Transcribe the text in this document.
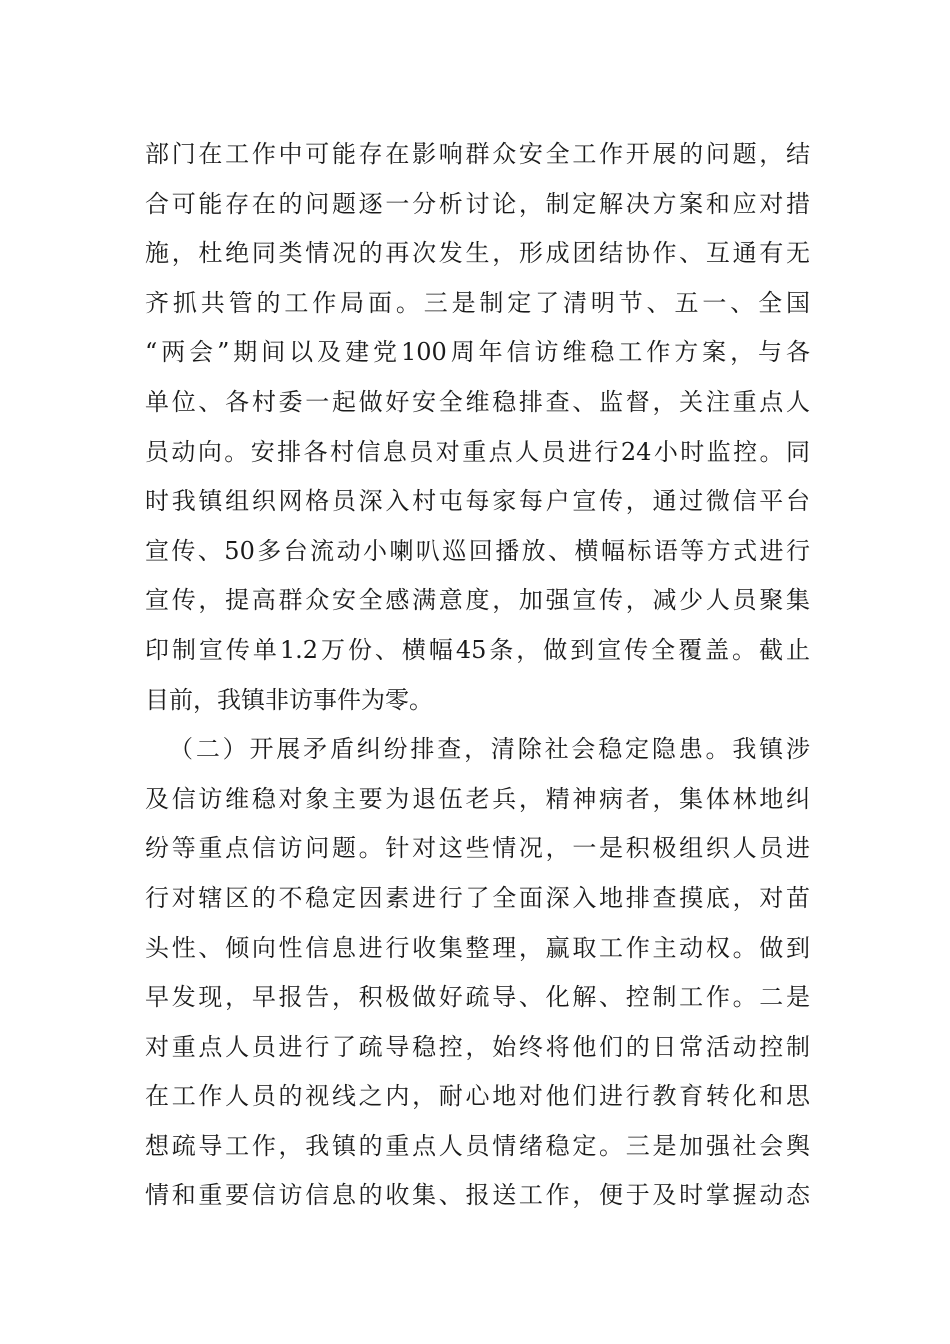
部门在工作中可能存在影响群众安全工作开展的问题，结
合可能存在的问题逐一分析讨论，制定解决方案和应对措
施，杜绝同类情况的再次发生，形成团结协作、互通有无
齐抓共管的工作局面。三是制定了清明节、五一、全国
“两会”期间以及建党100周年信访维稳工作方案，与各
单位、各村委一起做好安全维稳排查、监督，关注重点人
员动向。安排各村信息员对重点人员进行24小时监控。同
时我镇组织网格员深入村屯每家每户宣传，通过微信平台
宣传、50多台流动小喇叭巡回播放、横幅标语等方式进行
宣传，提高群众安全感满意度，加强宣传，减少人员聚集
印制宣传单1.2万份、横幅45条，做到宣传全覆盖。截止
目前，我镇非访事件为零。
（二）开展矛盾纠纷排查，清除社会稳定隐患。我镇涉
及信访维稳对象主要为退伍老兵，精神病者，集体林地纠
纷等重点信访问题。针对这些情况，一是积极组织人员进
行对辖区的不稳定因素进行了全面深入地排查摸底，对苗
头性、倾向性信息进行收集整理，赢取工作主动权。做到
早发现，早报告，积极做好疏导、化解、控制工作。二是
对重点人员进行了疏导稳控，始终将他们的日常活动控制
在工作人员的视线之内，耐心地对他们进行教育转化和思
想疏导工作，我镇的重点人员情绪稳定。三是加强社会舆
情和重要信访信息的收集、报送工作，便于及时掌握动态
